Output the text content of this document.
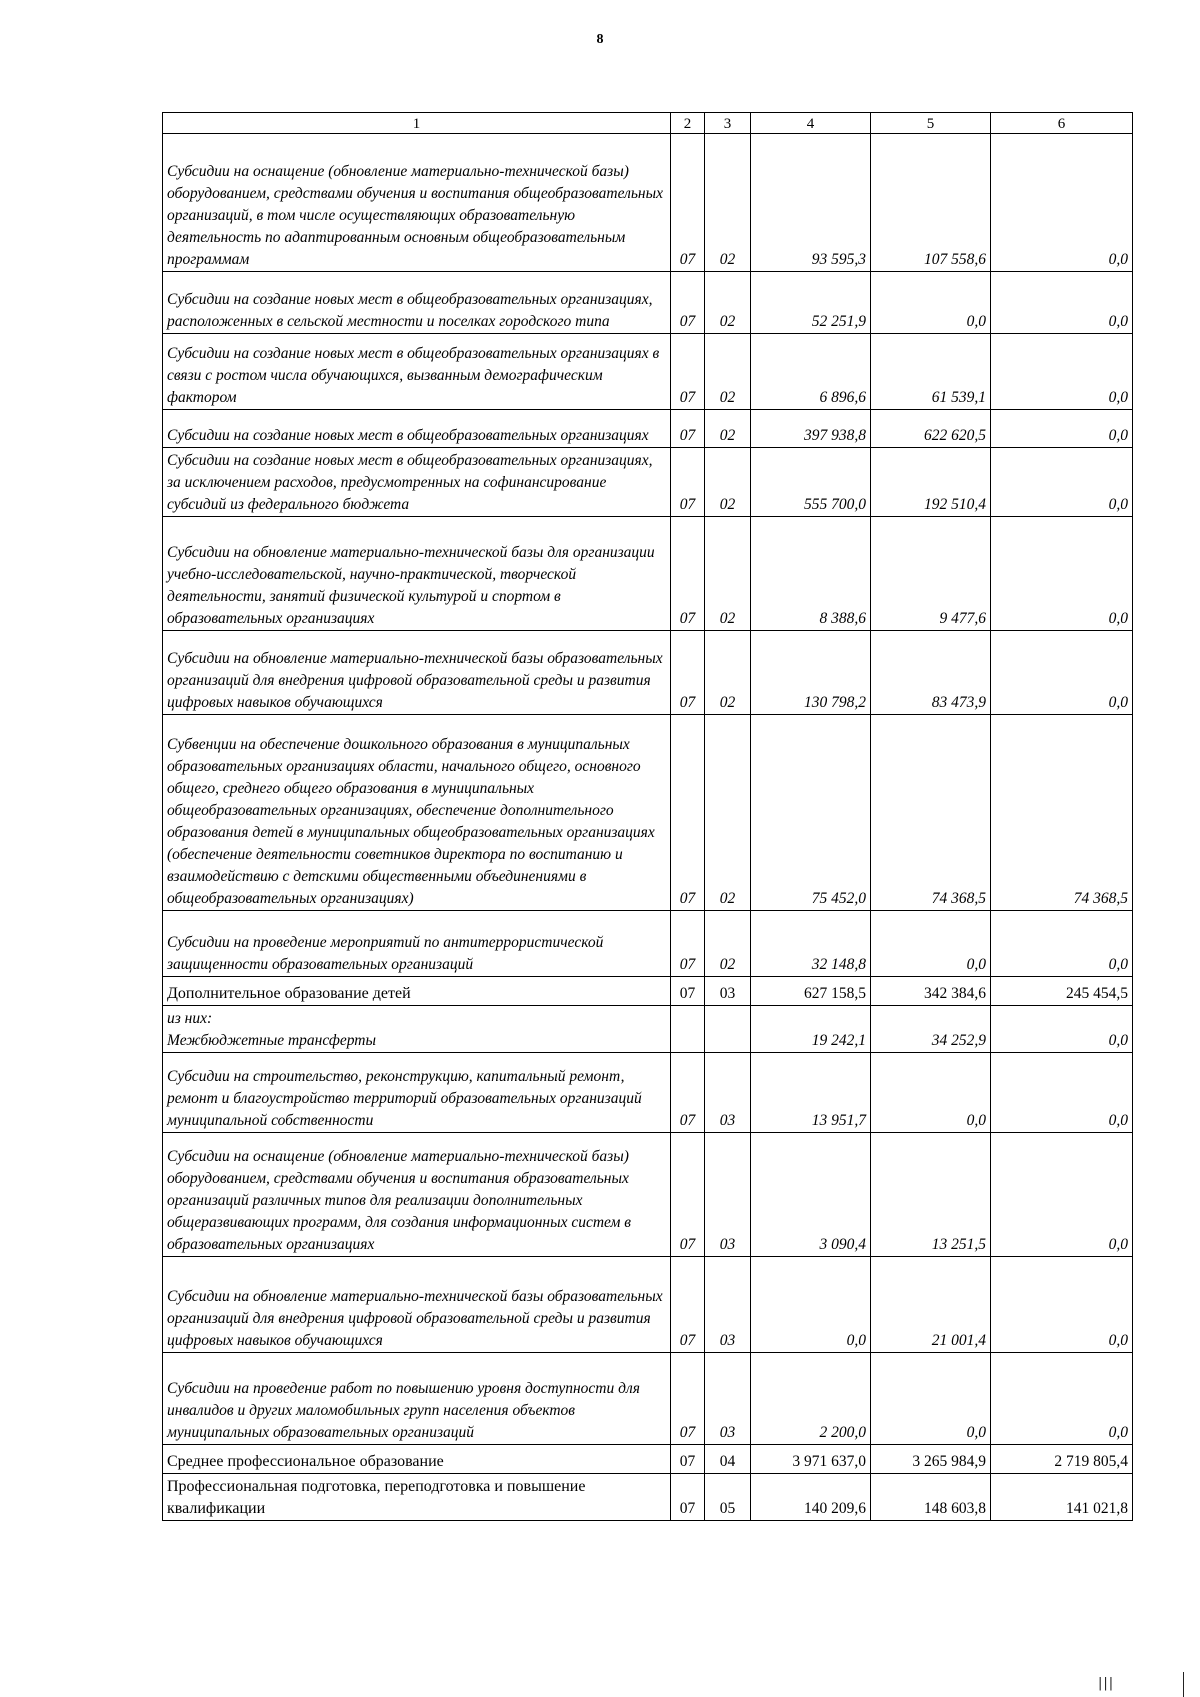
8
1	2	3	4	5	6
Субсидии на оснащение (обновление материально-технической базы) оборудованием, средствами обучения и воспитания общеобразовательных организаций, в том числе осуществляющих образовательную деятельность по адаптированным основным общеобразовательным программам	07	02	93 595,3	107 558,6	0,0
Субсидии на создание новых мест в общеобразовательных организациях, расположенных в сельской местности и поселках городского типа	07	02	52 251,9	0,0	0,0
Субсидии на создание новых мест в общеобразовательных организациях в связи с ростом числа обучающихся, вызванным демографическим фактором	07	02	6 896,6	61 539,1	0,0
Субсидии на создание новых мест в общеобразовательных организациях	07	02	397 938,8	622 620,5	0,0
Субсидии на создание новых мест в общеобразовательных организациях, за исключением расходов, предусмотренных на софинансирование субсидий из федерального бюджета	07	02	555 700,0	192 510,4	0,0
Субсидии на обновление материально-технической базы для организации учебно-исследовательской, научно-практической, творческой деятельности, занятий физической культурой и спортом в образовательных организациях	07	02	8 388,6	9 477,6	0,0
Субсидии на обновление материально-технической базы образовательных организаций для внедрения цифровой образовательной среды и развития цифровых навыков обучающихся	07	02	130 798,2	83 473,9	0,0
Субвенции на обеспечение дошкольного образования в муниципальных образовательных организациях области, начального общего, основного общего, среднего общего образования в муниципальных общеобразовательных организациях, обеспечение дополнительного образования детей в муниципальных общеобразовательных организациях (обеспечение деятельности советников директора по воспитанию и взаимодействию с детскими общественными объединениями в общеобразовательных организациях)	07	02	75 452,0	74 368,5	74 368,5
Субсидии на проведение мероприятий по антитеррористической защищенности образовательных организаций	07	02	32 148,8	0,0	0,0
Дополнительное образование детей	07	03	627 158,5	342 384,6	245 454,5
из них:
Межбюджетные трансферты			19 242,1	34 252,9	0,0
Субсидии на строительство, реконструкцию, капитальный ремонт, ремонт и благоустройство территорий образовательных организаций муниципальной собственности	07	03	13 951,7	0,0	0,0
Субсидии на оснащение (обновление материально-технической базы) оборудованием, средствами обучения и воспитания образовательных организаций различных типов для реализации дополнительных общеразвивающих программ, для создания информационных систем в образовательных организациях	07	03	3 090,4	13 251,5	0,0
Субсидии на обновление материально-технической базы образовательных организаций для внедрения цифровой образовательной среды и развития цифровых навыков обучающихся	07	03	0,0	21 001,4	0,0
Субсидии на проведение работ по повышению уровня доступности для инвалидов и других маломобильных групп населения объектов муниципальных образовательных организаций	07	03	2 200,0	0,0	0,0
Среднее профессиональное образование	07	04	3 971 637,0	3 265 984,9	2 719 805,4
Профессиональная подготовка, переподготовка и повышение квалификации	07	05	140 209,6	148 603,8	141 021,8
|||
